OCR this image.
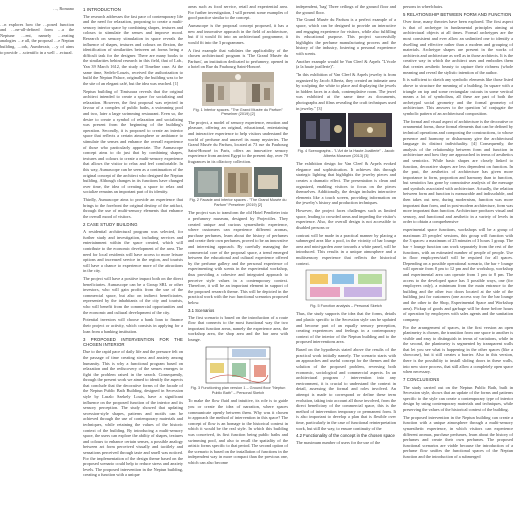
…, Romano

…n explores how the …posed function and …ne-all-defined form …a the Neptune …ent, namely …reating analogies …e all, the proposal …e Neptun building, …ork, Aumbecair, …y of aims to provide …scientific in a well …ectural.

1 INTRODUCTION

The research addresses the fast pace of contemporary life and the need for relaxation, proposing to create a multi-sensory interior space by combining shapes, textures and colours to stimulate the senses and improve mood. Research on sensory stimulation in space reveals the influence of shapes, textures and colours on flexion, the identification of similarities between art forms being a difficult task for the designer. There are many books to the similarities behind research in this field, that of Lab., Yan 39 March 1612, the study of Timeline case. At the same time, Sedelo-Louzis, received the authorization to build the Neptun Palace, originally the building was to be the site of an elegant café, but the idea was reached. [1]

Neptun building of Timisoara reveals that the original architect intended to create a space for socializing and relaxation. However, the first proposal was rejected in favour of a complex of public baths, a swimming pool and two, later a large swimming restaurant. Even so, the desire to create a symbol of relaxation and socializing was present from the beginning of the building's operation. Secondly, it is proposed to create an interior space that reflects a certain atmosphere or ambiance to stimulate the senses and enhance the overall experience of those who particularly appreciate. The Aumascope concept aims to do just that by combining shapes, textures and colours to create a multi-sensory experience that allows the visitor to relax and feel comfortable. In this way, Aumascope can be seen as a continuation of the original concept of the architect who designed the Neptun building. Although changes in its functions have changed over time, the idea of creating a space to relax and socialize remains an important part of its identity.

Thirdly, Aumascope aims to provide an experience that brings to the forefront the original destiny of the artifact, through the use of multi-sensory elements that enhance the overall mood of visitors.

2 CASE STUDY BUILDING

A residential architectural program was selected, for further study and investigation, including services and entertainment within the space created, which will contribute to the economic development of the area. The need for local residents will have access to more leisure options and increased service in the region, and tourists will have a chance to experience more of the attractions in the city.

The project will have a positive impact both on the direct beneficiaries. Aumascope can be a Group SRL or other investors, who will gain profits from the use of the commercial space, but also on indirect beneficiaries, represented by the inhabitants of the city and tourists, who will benefit from the commercial opportunities and the economic and cultural development of the city.

Potential investors will choose a bank loan to finance their project or activity, which consists in applying for a loan from a banking institution.

3 PROPOSED INTERVENTION FOR THE CHOSEN INTERIOR

Due to the rapid pace of daily life and the pressure felt on the passage of time creating stress and anxiety among humanity. This is why a functional program based on relaxation and the rediscovery of the senses emerges to fight the problem raised in the search. Consequently, through the present work we aimed to identify the aspects that conclude that the decorative forms of the facade of the Neptun Public Bath Building, designed in Secession style by Laszlo Szekely Louis, have a significant influence on the proposed function of the interior and its sensory perception. The study showed that updating secession-style shapes, patterns and motifs can be achieved through the use of contemporary materials and techniques, while retaining the values of the historic context of the building. By introducing a multi-sensory space, the users can explore the ability of shapes, textures and colours to enhance certain senses, a possible analogy between art form perceived visually and tactilely and sensations perceived through taste and smell was noticed. For the implementation of the design theme based on the proposed scenario could help to reduce stress and anxiety levels. The proposed intervention in the Neptun building, creating a function with a unique

areas such as food service, retail and experiential area. For further investigation, I will present some examples of good practice similar to the concept.

Aumascope is the proposal concept proposed, it has a new and innovative approach in the field of architecture, but if it would fit into an architectural programme, it would fit into the 3 programmes.

A first example that validates the applicability of the chosen architectural program is 'The Grand Musée du Parfum', an institution dedicated to perfumery, opened in a hotel on Rue du Faubourg Saint-Honoré.

Fig. 1 Interior spaces. "The Grand Musée du Parfum" Preselner (2019) [2]

The project, a model of sensory experience, emotion and pleasure, offering an original, educational, entertaining and interactive experience to help visitors understand the world of perfume and unravel its many mysteries. The Grand Musée du Parfum, located at 73 rue du Faubourg Saint-Honoré in Paris, offers an innovative sensory experience from ancient Egypt to the present day, over 70 fragrances in its olfactory collection.

Fig. 2 Facade and interior spaces - "The Grand Musée du Parfum" Preselner (2019) [2]

The project was to transform the old Hotel Pendieter into a perfumery museum, designed by Projectiles. They created unique and curious synaesthetic experience, where customers can experience different aromas, purchase perfumes, learn about the history of perfumes and create their own perfumes, proved to be an innovative and interesting approach. By carefully managing the commercial core of the proposal space, a trend emerged between the educational and cultural experience offered by the perfume gallery and the personal experience of experimenting with scents in the experiential workshop, thus providing a cohesive and integrated approach to perceive style values in a contemporary context. Therefore, it will be an important element in support of the proposed research theme. This will be depicted in the practical work with the two functional scenarios proposed below.

3.1 Scenarios

The first scenario is based on the introduction of a route flow that connects to the most functional way the two important function areas, namely the experience area, the workshop area, the shop area and the bar area with lounge.

Fig. 3 Functioning plan version 1 – Ground floor "Neptun Public Bath" – Personal Sketch

To make the flow fluid and intuitive, its role is to guide you or create the idea of narration, where spaces communicate openly between them. Why was it chosen to approach the method of intervention in this space? The concept of flow is an homage to the historical context in which it would be the real style. In which this building was conceived, its first function being public baths and swimming pool, and also to recall the spatiality of the artistic forms specific to that period. The second option of the scenario is based on the installation of functions in the independent way in more compact than the previous one, which can also become

independent, 'bag' Three ceilings of the ground floor and the ground floor.

The Grand Musée du Parfum is a perfect example of a space, which can be designed to provide an interactive and engaging experience for visitors, while also fulfilling its educational purpose. This project successfully highlights the perfume manufacturing process and the history of the industry, fostering a personal experience with scents.

Another example would be Van Cleef & Arpels "L'école (a la haute joaillerie)".

"In this exhibition of Van Cleef & Arpels jewelry is from organized by Jacob Alberta, they created an intimate area by sculpting the white to place and displaying the jewels in hidden faces in a dark, contemplative room. The jewel was exhibited at the same time as documents, photographs and films revealing the craft techniques used in jewelry." [3]

Fig. 4 Scenographs - "L'Art de la Haute Joaillerie" - Jacob Alberta Museum (2013) [3]

The exhibition design for Van Cleef & Arpels evoked elegance and sophistication. It achieves this through strategic lighting that highlights the jewelry pieces and creates a dramatic effect. The presentation is clean and organized, enabling visitors to focus on the pieces themselves. Additionally, the design includes interactive elements like a touch screen, providing information on the jewelry's history and production techniques.

However, the project faces challenges such as limited space, leading to crowded areas and impeding the visitor's experience. Also, the overall design is not accessible to disabled persons or

contrast will be made in a practical manner by placing a submerged area like a pool, in the vicinity of bar lounge area and mini-garden zone towards a white panel, will be introduced. This results in a unique atmosphere and a multisensory experience that reflects the historical context.

Fig. 5 Function analysis – Personal Sketch

Thus, the study supports the idea that the forms, details and plastic specific to the Secession style can be updated and become part of an equally sensory perception, creating experiences and feelings in a contemporary context of the interior of the Neptun building and to the proposed interventions area.

Based on the hypothesis stated above the results of the practical work initially namely. The scenario starts with an approaches and useful concept for the themes and the solution of the proposed problem, reversing both economic, sociological and commercial aspects. In an architectural program / intervention into any environment, it is crucial to understand the context in detail, assessing the formal and roles involved. An attempt is made to correspond or define these term evolution, taking into account all those involved, from the direct beneficiary of the commercial space, this is the method of intervention temporary or permanent form. It is also important to develop a plan that is flexible over time, particularly in the case of functional reinterpretation work, but still the way, to ensure continuity of the

4.2 Functionality of the concept in the chosen space

The maximum number of users for the use of the

persons in wheelchairs.

5 RELATIONSHIP BETWEEN FORM AND FUNCTION

Over time, many theories have been explored. The first aspect is that of archetype in fundamental principles aiming at architectural objects at all times. Formal archetypes are the most consistent and ever allow an unlimited one to identify a dwelling and effective rather than a modern and grouping of materials. Archetype shapes are present in the works of architects and architecture as well as in those architects. It is the creative way in which the architect uses and embodies them that creates aesthetic beauty to capture their richness (whole meaning and reveal the stylistic intention of the author.

It is sufficient to sketch any symbolic elements like those listed above to structure the meaning of a building. In square with a triangle on top and some rectangular cutouts in some vertical means a lot of symbolism, all these are part of both the archetypal social geometry and the formal geometry of architecture. This answers to the question 'of conjugate the symbolic pattern of an architectural composition.

The formal and visual aspect of architecture is the decorative or ornamental forms, those formal elements that can be defined by technical operations and composing the constructions, to whose presence and harmony or disharmony give the architectural language its distinct individuality. [4] Consequently, the analysis of the relationship between form and function in architecture and how they are approached in terms of aesthetics and semiotics. While basic shapes are closely linked to function, decorative shapes are less dependent on function. In the past, the aesthetics of architecture has given more importance to form, proportion and harmony than to function, but semiotics has gone by connotative analysis of the message and symbols associated with architecture. Actually, the relation between form and function is measurable and indissoluble, and then takes out new, during modernism, function was more important than form, and in post-modern architecture, form was more important than function. Architecture produces visual and sensory, and functional and aesthetic in a variety of levels in order to obtain a comprehensive

experimental space functions, workshops will be a group of maximum 25 peoples' sessions, this group will function with the 3 spaces: a maximum of 25 minutes of 3 hours 1 group. The bar + lounge function can work separately from the rest of the functions, with an estimated number of people of people. Use in floor employees/staff will be required for all spaces. Depending on a possible operational scenario, the bar + lounge will operate from 8 pm to 12 pm and the workshop, workshop and experimental area can operate from 1 pm to 8 pm. The access to the developed space has 3 possible ways, one (for employees only), a minimum from the main entrance to the building and the other two doors located at the side of the building just for customers (one access way for the bar lounge and the other to the Shop, Experimental Space and Workshop area). Pickup of goods and garbage will be done before hours of operation by employees with sales agents and the sanitation company.

For the arrangement of spaces, in the first version an open planimetry is chosen, the transition from one space to another is visible and easy to distinguish in terms of variations, while in the second, the planimetry is segmented by transparent walls that let you see what is happening in the other spaces (like a showcase), but it still creates a barrier. Also in this version, there is the possibility to install sliding doors in these walls, into new store process, that still allow a completely open space when necessary.

7 CONCLUSIONS

The study carried out on the Neptun Public Bath, built in Secession style, shows that an update of the forms and patterns specific to the style can create a contemporary type of interior design by using contemporary materials and techniques, while preserving the values of the historical context of the building.

The proposed intervention in the Neptun building can create a function with a unique atmosphere through a multi-sensory synaesthetic experience, in which visitors can experience different aromas, purchase perfumes, learn about the history of perfumes and create their own perfumes. The proposed functional scenarios are viable because the introduction of a perfume flow unifies the functional spaces of the Neptun function and the introduction of a submerged
